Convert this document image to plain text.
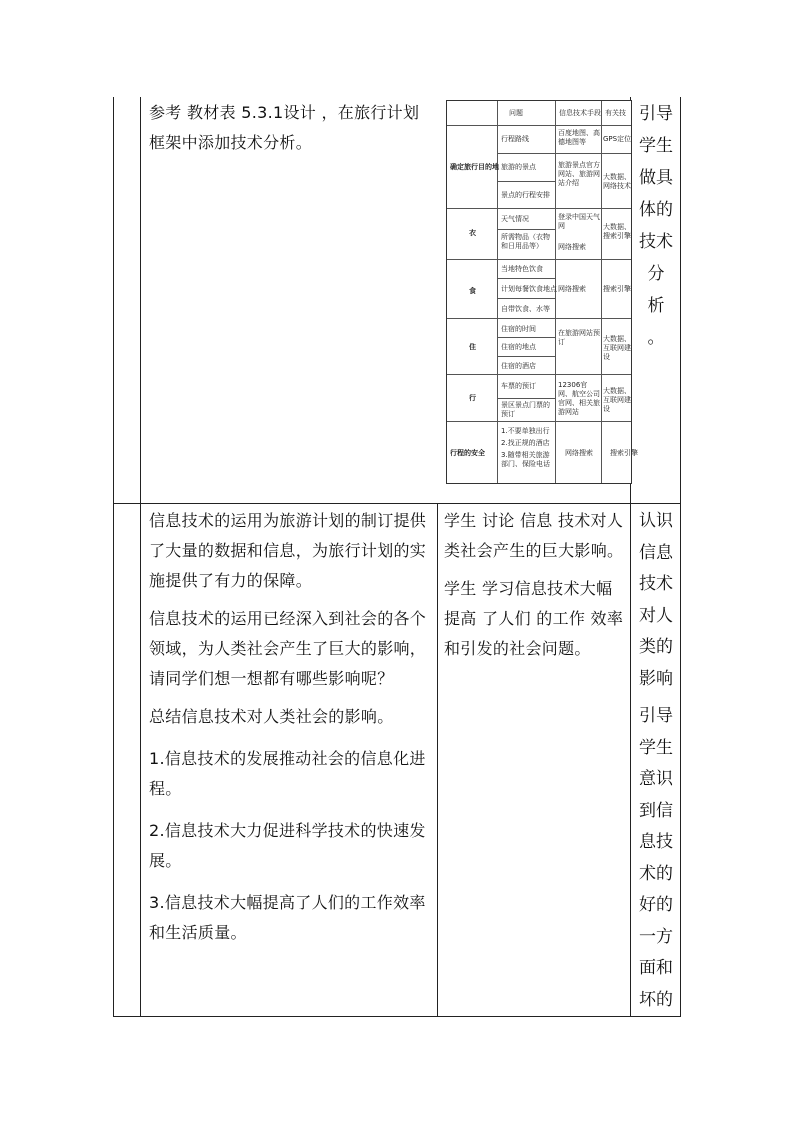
参考 教材表 5.3.1设计 ，在旅行计划框架中添加技术分析。

问题	信息技术手段 有关技
确定旅行目的地
行程路线
旅游的景点
景点的行程安排
百度地图、高德地图等
旅游景点官方网站、旅游网站介绍
GPS定位
大数据、网络技术
衣
天气情况
所需物品（衣物和日用品等）
登录中国天气网
网络搜索
大数据、搜索引擎
食
当地特色饮食
计划每餐饮食地点
自带饮食、水等
网络搜索 搜索引擎
住
住宿的时间
住宿的地点
住宿的酒店
在旅游网站预订	大数据、互联网建设
行
车票的预订
景区景点门票的预订
12306官网、航空公司官网、相关旅游网站
大数据、互联网建设
行程的安全
1.不要单独出行
2.找正规的酒店
3.随带相关旅游部门、保险电话
网络搜索 搜索引擎
引导
学生
做具
体的
技术
分
析 。

信息技术的运用为旅游计划的制订提供了大量的数据和信息，为旅行计划的实施提供了有力的保障。

信息技术的运用已经深入到社会的各个领域，为人类社会产生了巨大的影响，请同学们想一想都有哪些影响呢？

总结信息技术对人类社会的影响。

1.信息技术的发展推动社会的信息化进程。

2.信息技术大力促进科学技术的快速发展。

3.信息技术大幅提高了人们的工作效率和生活质量。

学生 讨论 信息 技术对人类社会产生的巨大影响。

学生 学习信息技术大幅提高 了人们 的工作 效率 和引发的社会问题。

认识
信息
技术
对人
类的
影响
引导
学生
意识
到信
息技
术的
好的
一方
面和
坏的
